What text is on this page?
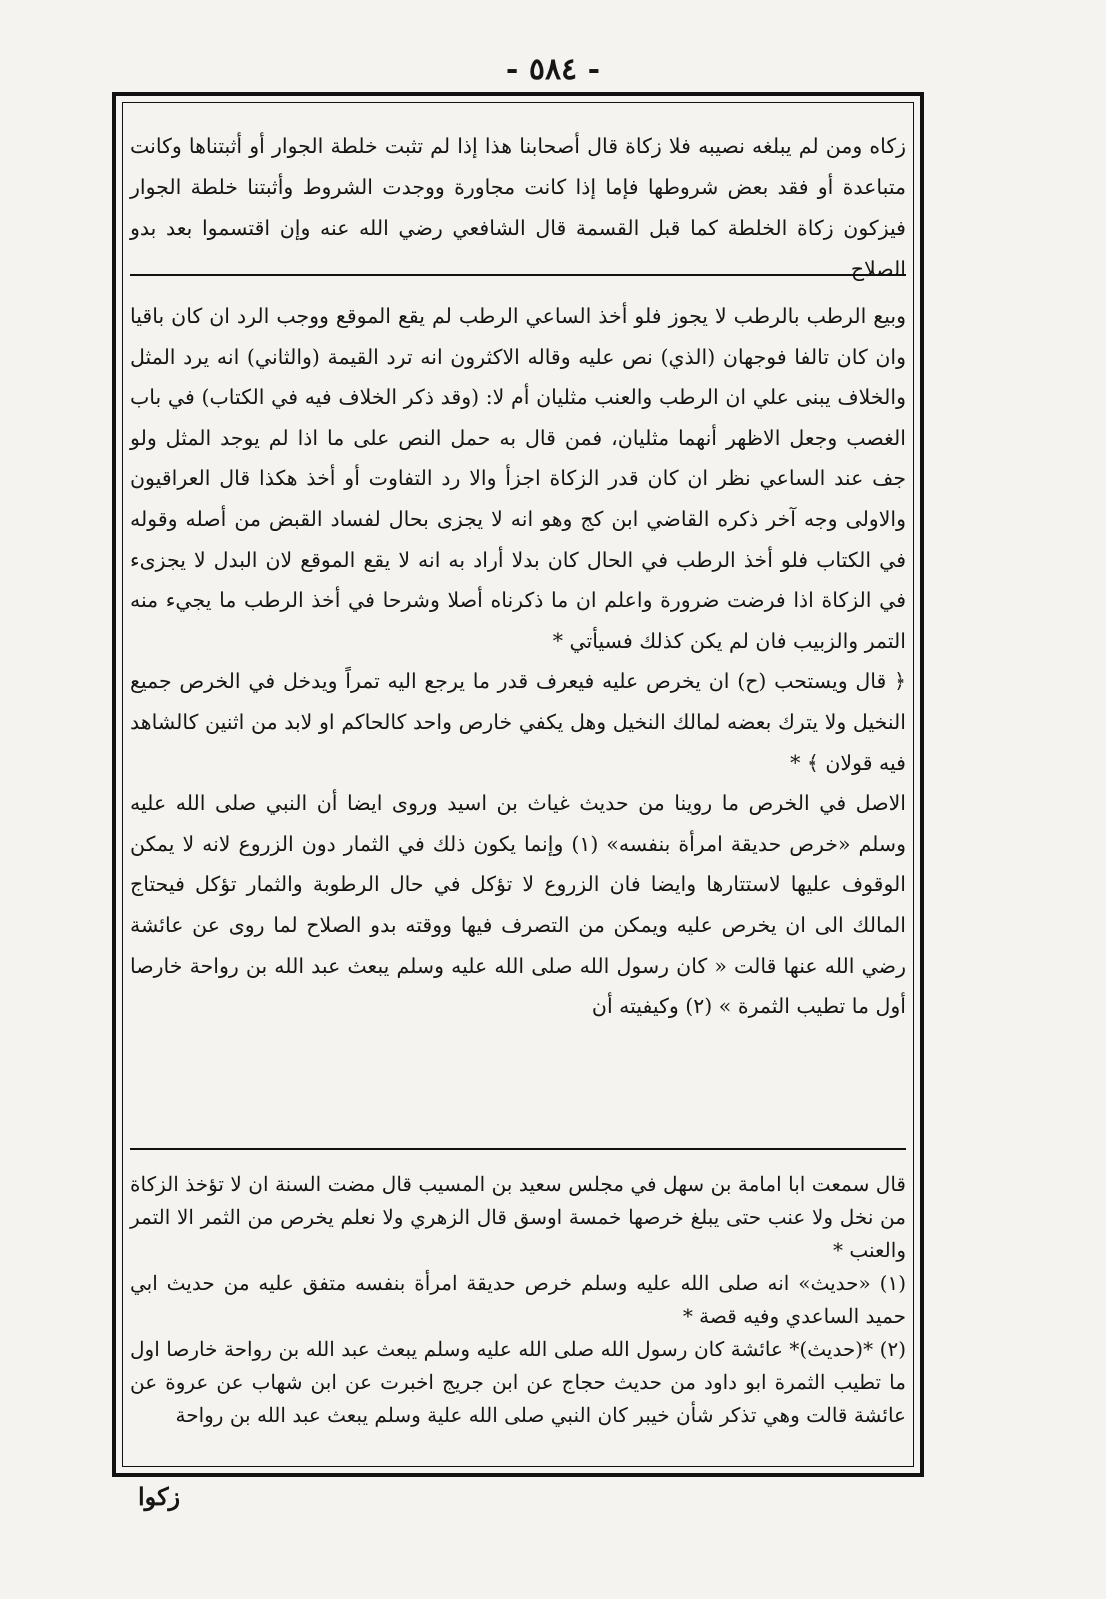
- ٥٨٤ -

زكاه ومن لم يبلغه نصيبه فلا زكاة قال أصحابنا هذا إذا لم تثبت خلطة الجوار أو أثبتناها وكانت متباعدة أو فقد بعض شروطها فإما إذا كانت مجاورة ووجدت الشروط وأثبتنا خلطة الجوار فيزكون زكاة الخلطة كما قبل القسمة قال الشافعي رضي الله عنه وإن اقتسموا بعد بدو الصلاح

وبيع الرطب بالرطب لا يجوز فلو أخذ الساعي الرطب لم يقع الموقع ووجب الرد ان كان باقيا وان كان تالفا فوجهان (الذي) نص عليه وقاله الاكثرون انه ترد القيمة (والثاني) انه يرد المثل والخلاف يبنى علي ان الرطب والعنب مثليان أم لا: (وقد ذكر الخلاف فيه في الكتاب) في باب الغصب وجعل الاظهر أنهما مثليان، فمن قال به حمل النص على ما اذا لم يوجد المثل ولو جف عند الساعي نظر ان كان قدر الزكاة اجزأ والا رد التفاوت أو أخذ هكذا قال العراقيون والاولى وجه آخر ذكره القاضي ابن كج وهو انه لا يجزى بحال لفساد القبض من أصله وقوله في الكتاب فلو أخذ الرطب في الحال كان بدلا أراد به انه لا يقع الموقع لان البدل لا يجزىء في الزكاة اذا فرضت ضرورة واعلم ان ما ذكرناه أصلا وشرحا في أخذ الرطب ما يجيء منه التمر والزبيب فان لم يكن كذلك فسيأتي *

﴿ قال ويستحب (ح) ان يخرص عليه فيعرف قدر ما يرجع اليه تمراً ويدخل في الخرص جميع النخيل ولا يترك بعضه لمالك النخيل وهل يكفي خارص واحد كالحاكم او لابد من اثنين كالشاهد فيه قولان ﴾ *

الاصل في الخرص ما روينا من حديث غياث بن اسيد وروى ايضا أن النبي صلى الله عليه وسلم «خرص حديقة امرأة بنفسه» (١) وإنما يكون ذلك في الثمار دون الزروع لانه لا يمكن الوقوف عليها لاستتارها وايضا فان الزروع لا تؤكل في حال الرطوبة والثمار تؤكل فيحتاج المالك الى ان يخرص عليه ويمكن من التصرف فيها ووقته بدو الصلاح لما روى عن عائشة رضي الله عنها قالت « كان رسول الله صلى الله عليه وسلم يبعث عبد الله بن رواحة خارصا أول ما تطيب الثمرة » (٢) وكيفيته أن

قال سمعت ابا امامة بن سهل في مجلس سعيد بن المسيب قال مضت السنة ان لا تؤخذ الزكاة من نخل ولا عنب حتى يبلغ خرصها خمسة اوسق قال الزهري ولا نعلم يخرص من الثمر الا التمر والعنب *

(١) «حديث» انه صلى الله عليه وسلم خرص حديقة امرأة بنفسه متفق عليه من حديث ابي حميد الساعدي وفيه قصة *

(٢) *(حديث)* عائشة كان رسول الله صلى الله عليه وسلم يبعث عبد الله بن رواحة خارصا اول ما تطيب الثمرة ابو داود من حديث حجاج عن ابن جريج اخبرت عن ابن شهاب عن عروة عن عائشة قالت وهي تذكر شأن خيبر كان النبي صلى الله علية وسلم يبعث عبد الله بن رواحة

زكوا
